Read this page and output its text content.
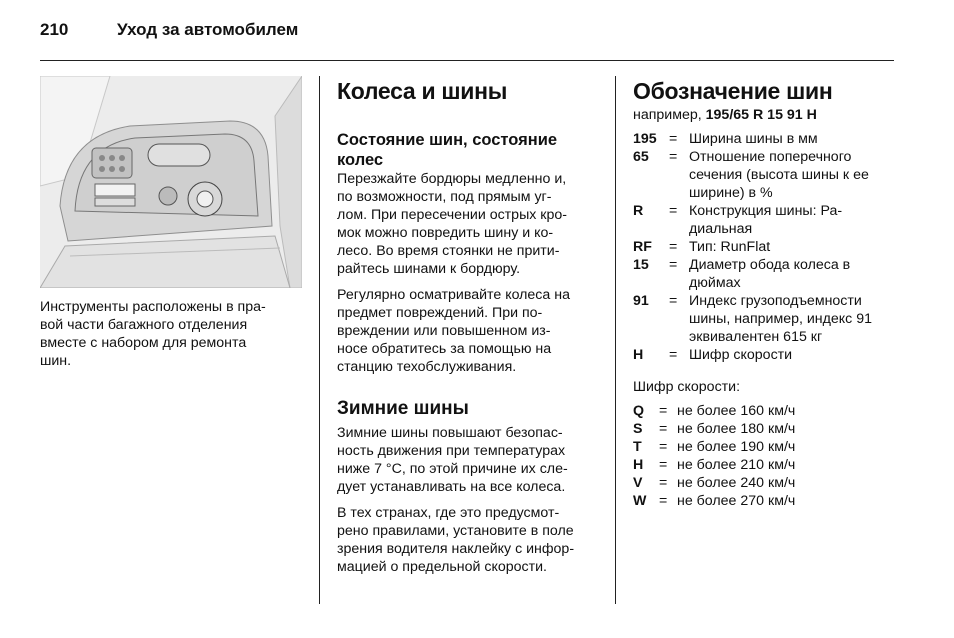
210	Уход за автомобилем
Инструменты расположены в пра-
вой части багажного отделения
вместе с набором для ремонта
шин.
Колеса и шины
Состояние шин, состояние колес
Перезжайте бордюры медленно и,
по возможности, под прямым уг-
лом. При пересечении острых кро-
мок можно повредить шину и ко-
лесо. Во время стоянки не прити-
райтесь шинами к бордюру.
Регулярно осматривайте колеса на
предмет повреждений. При по-
вреждении или повышенном из-
носе обратитесь за помощью на
станцию техобслуживания.
Зимние шины
Зимние шины повышают безопас-
ность движения при температурах
ниже 7 °C, по этой причине их сле-
дует устанавливать на все колеса.
В тех странах, где это предусмот-
рено правилами, установите в поле
зрения водителя наклейку с инфор-
мацией о предельной скорости.
Обозначение шин
например, 195/65 R 15 91 H
195 = Ширина шины в мм
65	= Отношение поперечного сечения (высота шины к ее ширине) в %
R	= Конструкция шины: Ра-диальная
RF	= Тип: RunFlat
15	= Диаметр обода колеса в дюймах
91	= Индекс грузоподъемности шины, например, индекс 91 эквивалентен 615 кг
H	= Шифр скорости
Шифр скорости:
Q	= не более 160 км/ч
S	= не более 180 км/ч
T	= не более 190 км/ч
H	= не более 210 км/ч
V	= не более 240 км/ч
W = не более 270 км/ч
